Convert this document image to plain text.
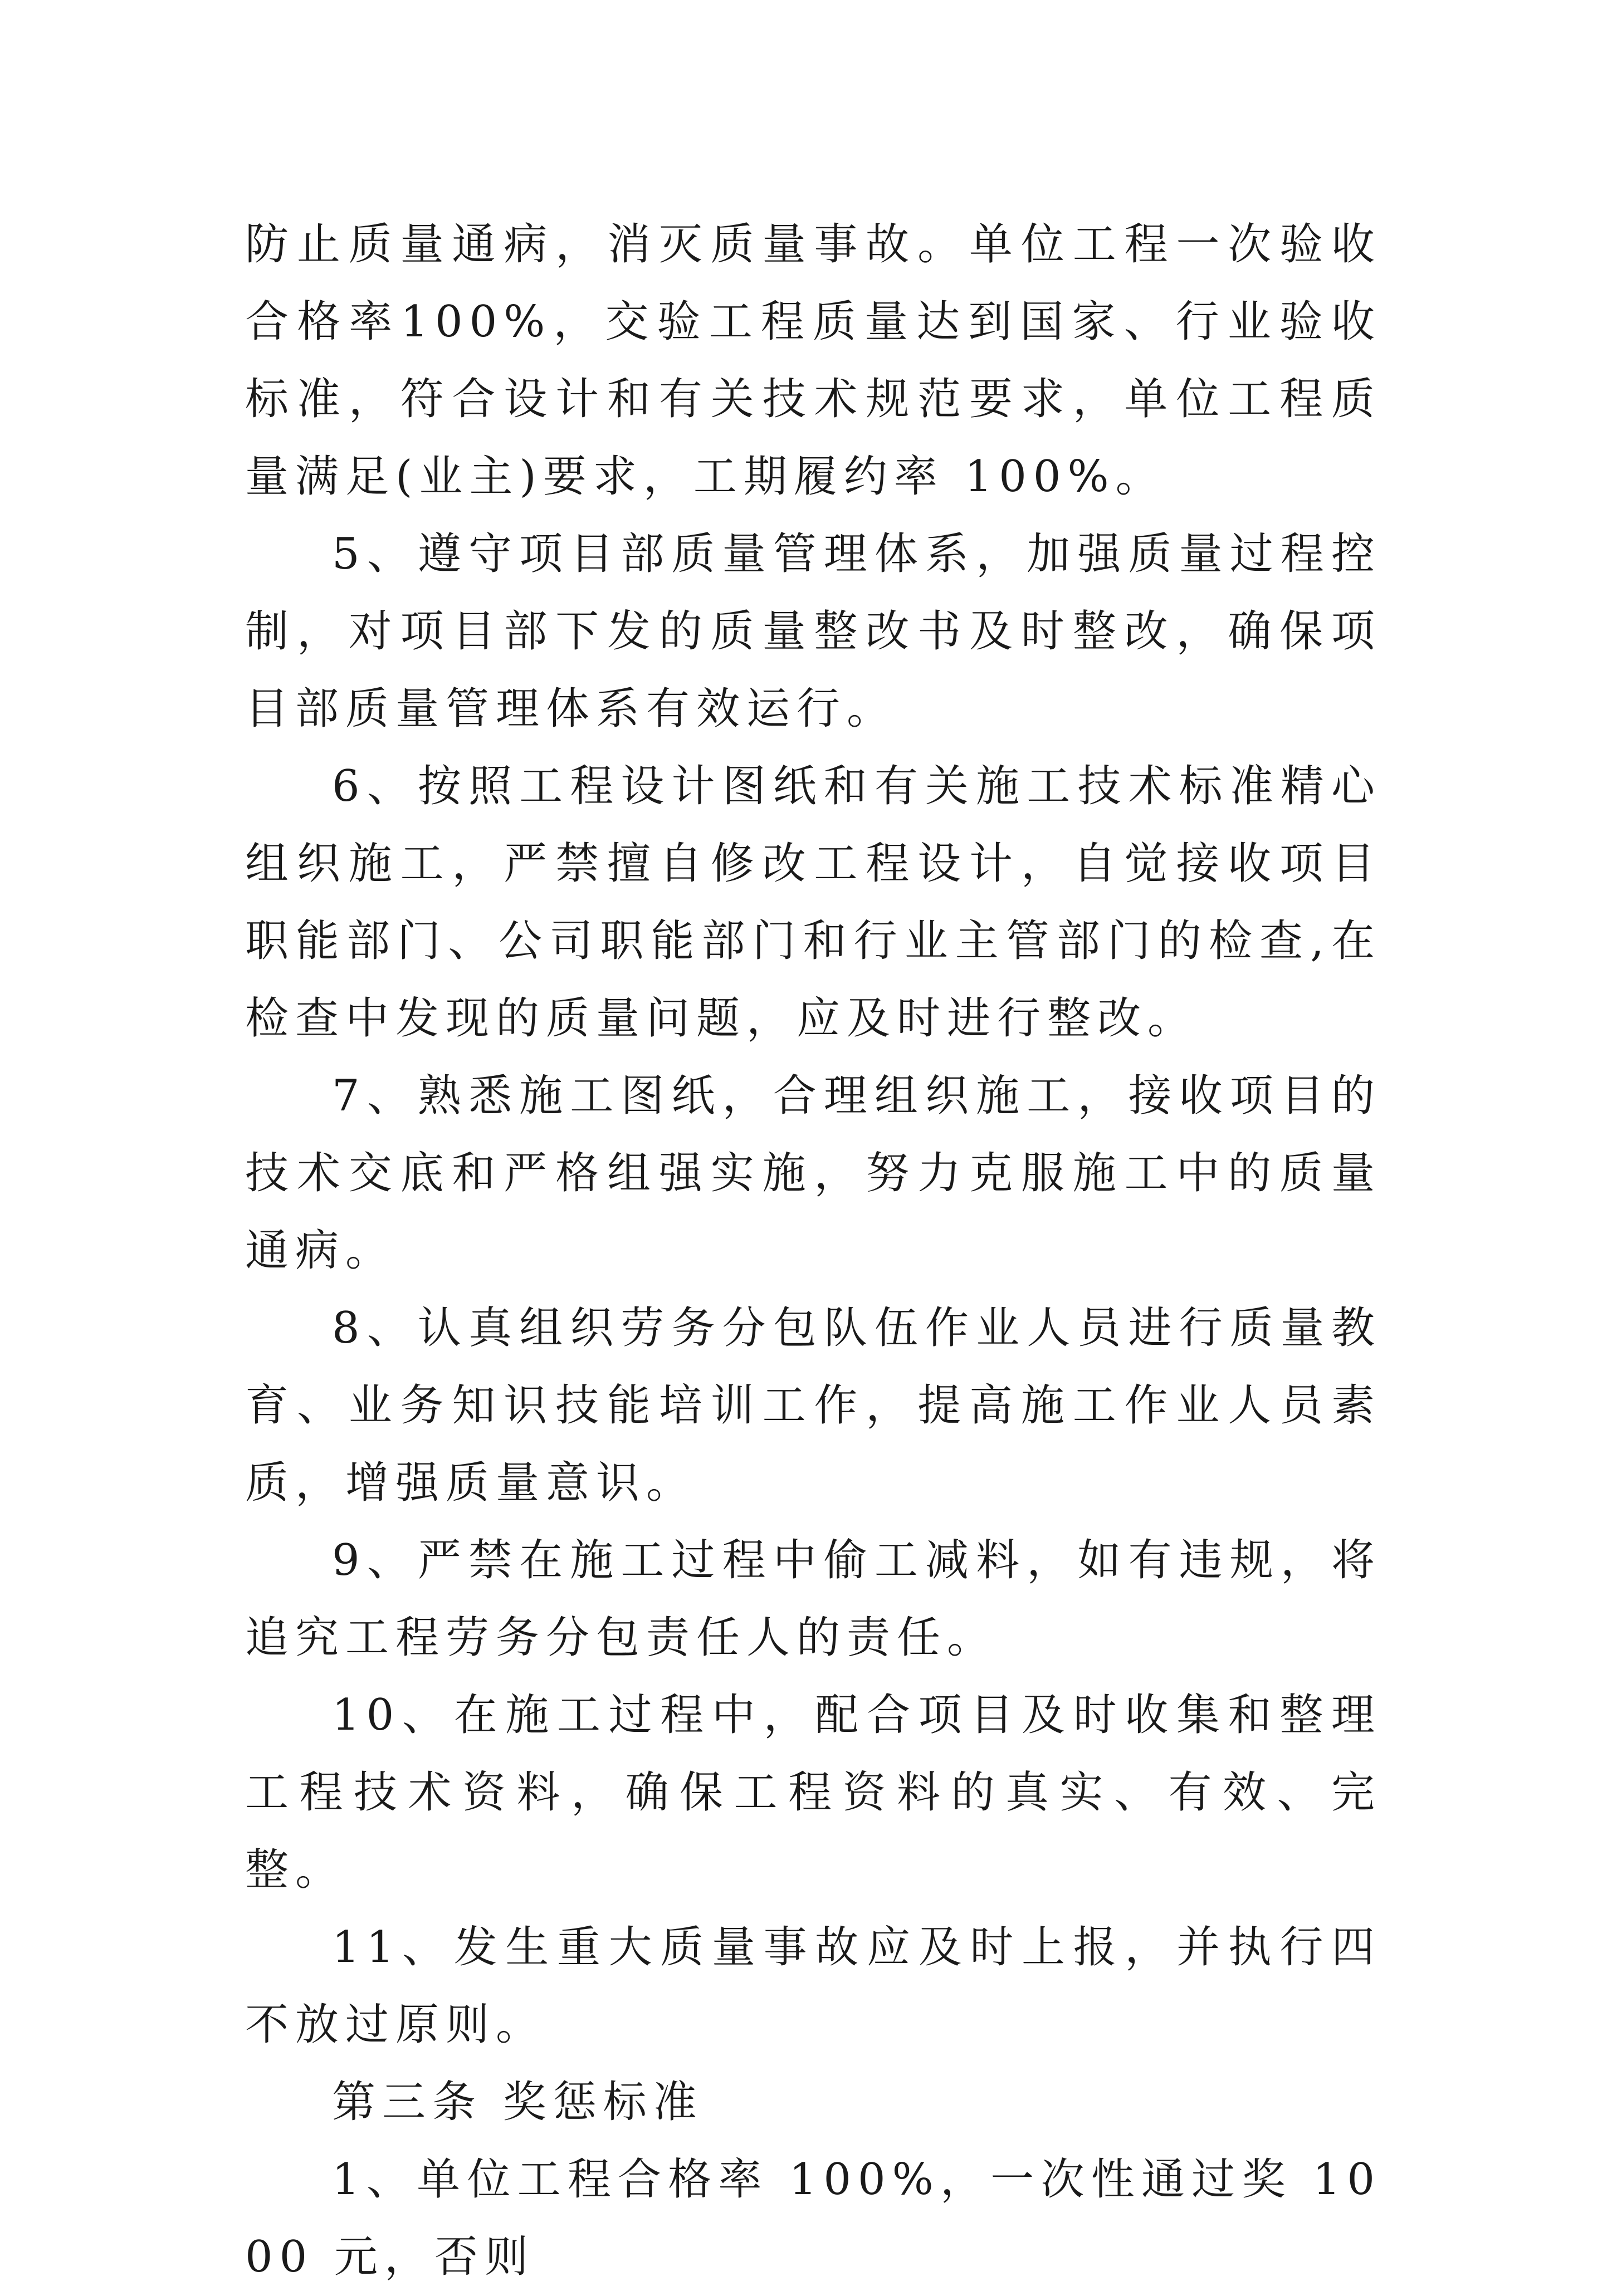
防止质量通病，消灭质量事故。单位工程一次验收合格率100%，交验工程质量达到国家、行业验收标准，符合设计和有关技术规范要求，单位工程质量满足(业主)要求，工期履约率 100%。

5、遵守项目部质量管理体系，加强质量过程控制，对项目部下发的质量整改书及时整改，确保项目部质量管理体系有效运行。

6、按照工程设计图纸和有关施工技术标准精心组织施工，严禁擅自修改工程设计，自觉接收项目职能部门、公司职能部门和行业主管部门的检查,在检查中发现的质量问题，应及时进行整改。

7、熟悉施工图纸，合理组织施工，接收项目的技术交底和严格组强实施，努力克服施工中的质量通病。

8、认真组织劳务分包队伍作业人员进行质量教育、业务知识技能培训工作，提高施工作业人员素质，增强质量意识。

9、严禁在施工过程中偷工减料，如有违规，将追究工程劳务分包责任人的责任。

10、在施工过程中，配合项目及时收集和整理工程技术资料，确保工程资料的真实、有效、完整。

11、发生重大质量事故应及时上报，并执行四不放过原则。

第三条 奖惩标准

1、单位工程合格率 100%，一次性通过奖 1000 元，否则
